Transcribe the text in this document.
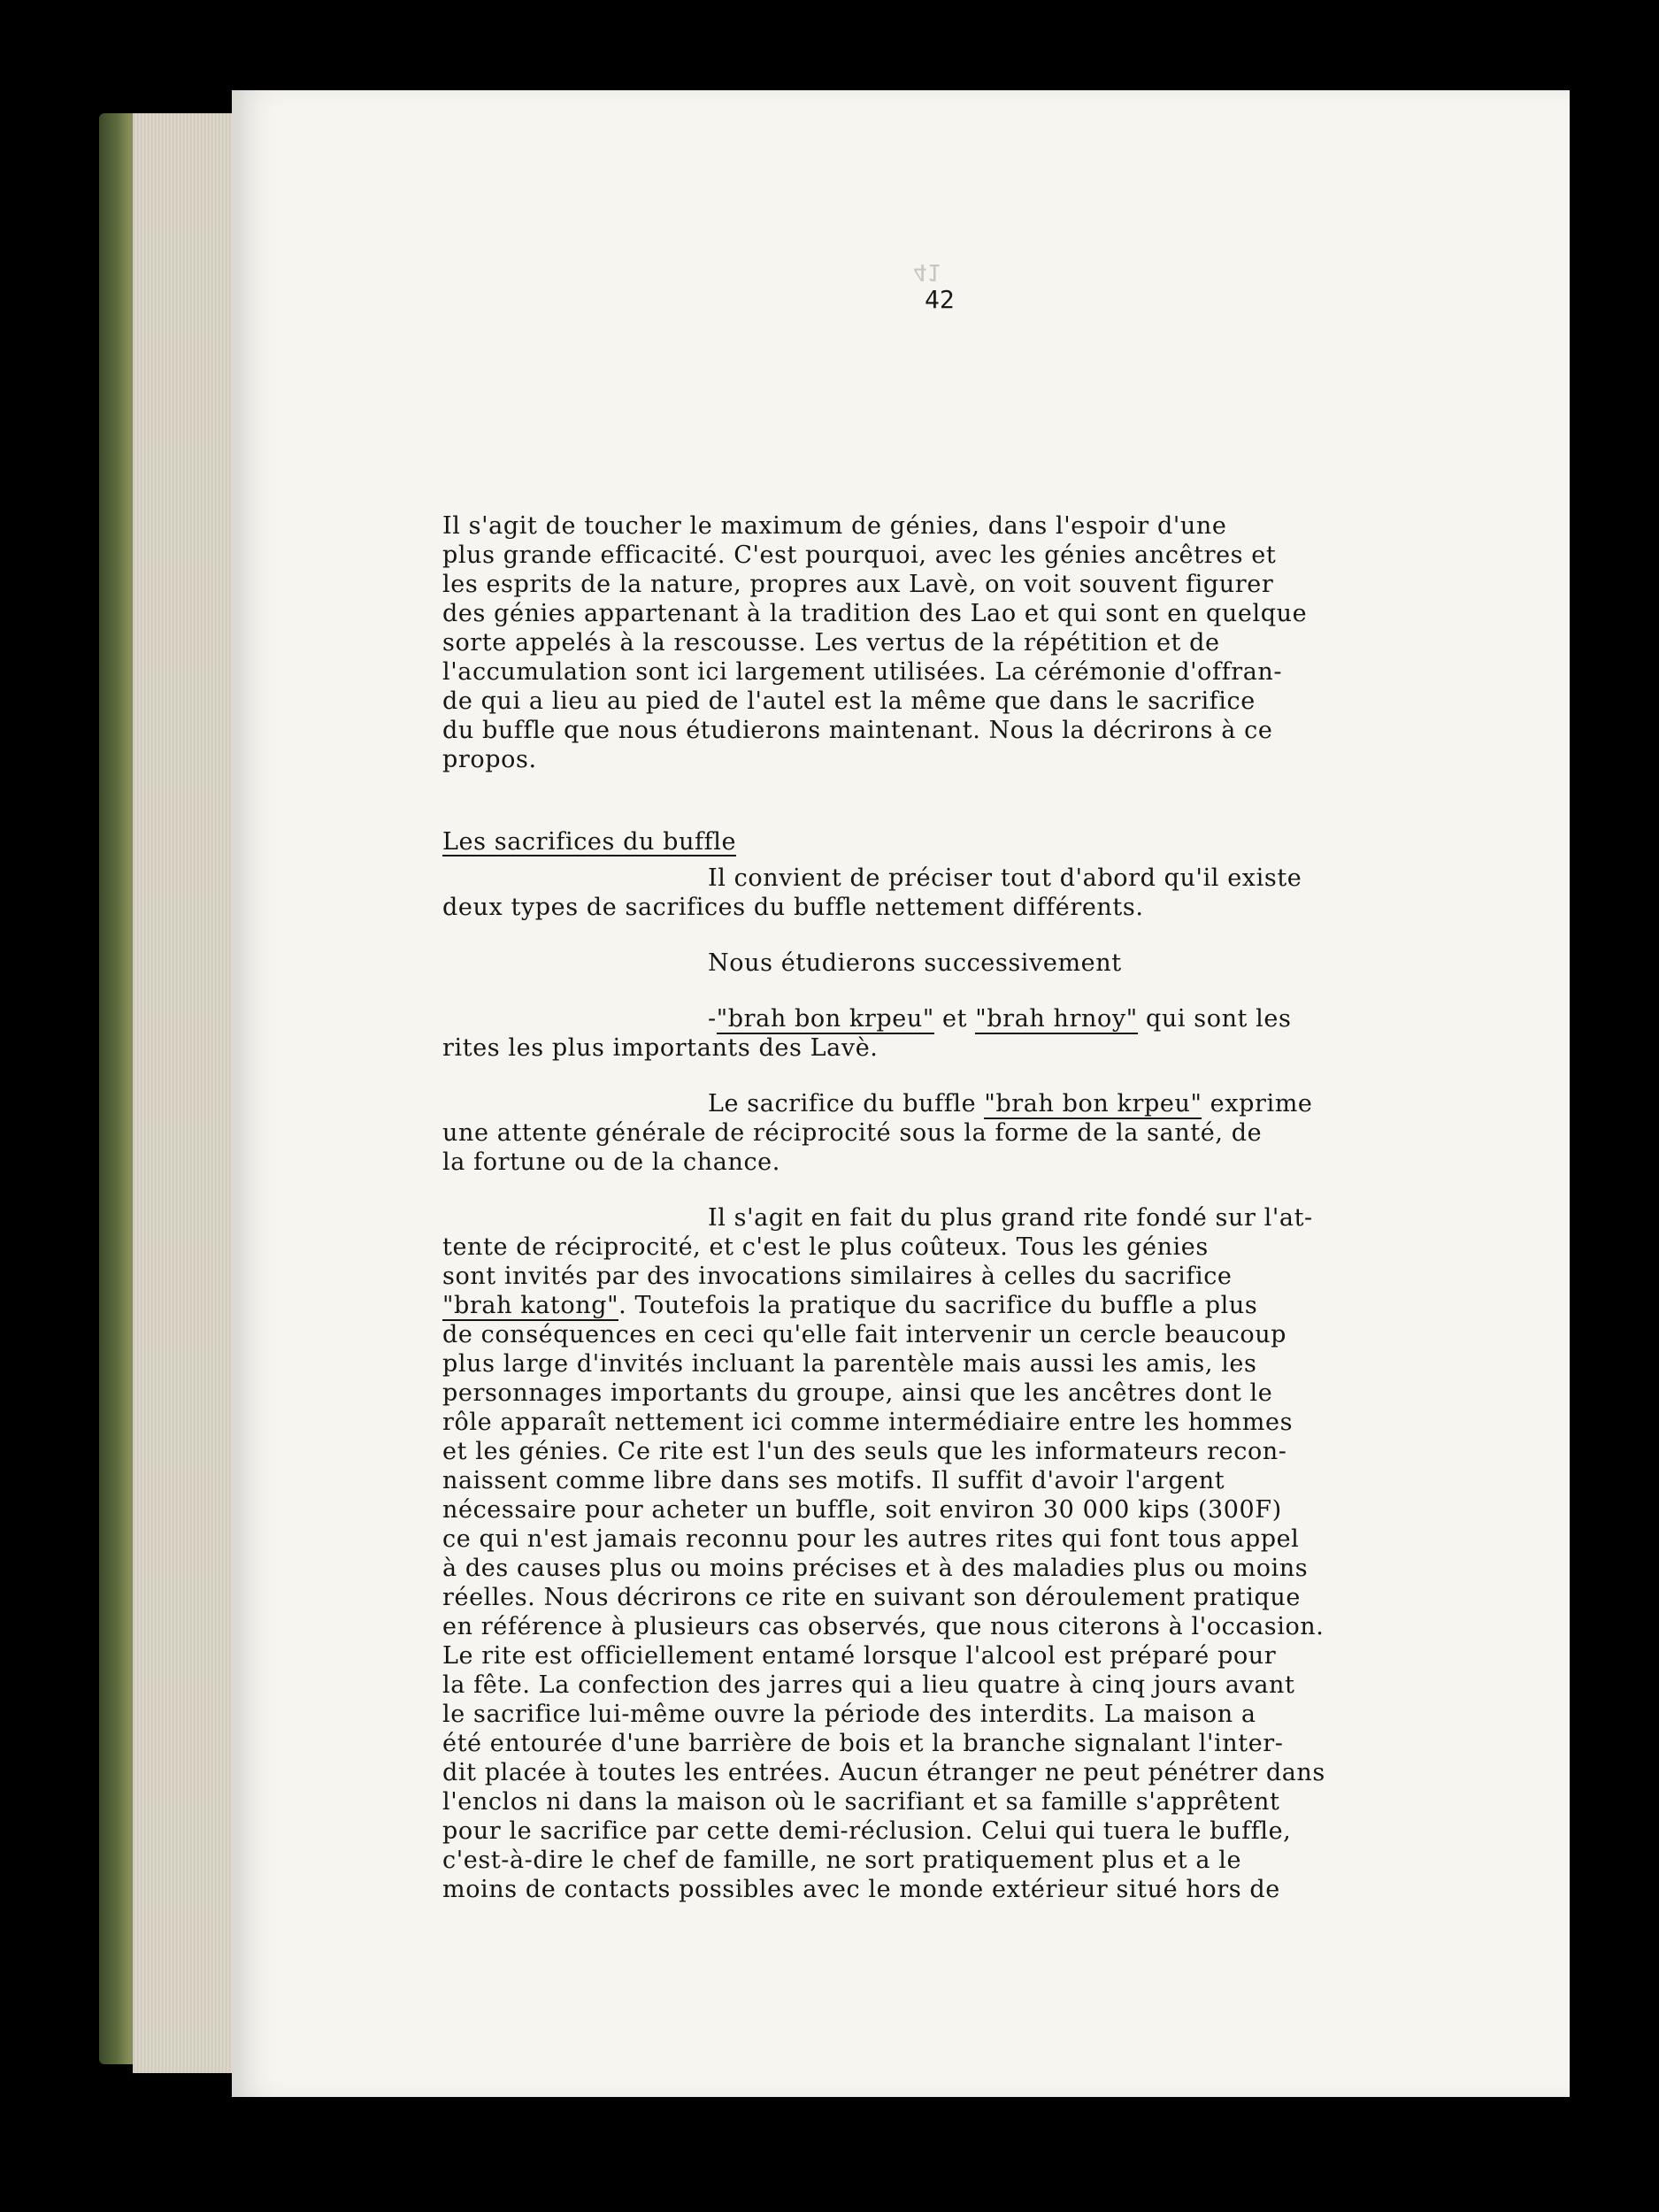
41
42
Il s'agit de toucher le maximum de génies, dans l'espoir d'une
plus grande efficacité. C'est pourquoi, avec les génies ancêtres et
les esprits de la nature, propres aux Lavè, on voit souvent figurer
des génies appartenant à la tradition des Lao et qui sont en quelque
sorte appelés à la rescousse. Les vertus de la répétition et de
l'accumulation sont ici largement utilisées. La cérémonie d'offran-
de qui a lieu au pied de l'autel est la même que dans le sacrifice
du buffle que nous étudierons maintenant. Nous la décrirons à ce
propos.
Les sacrifices du buffle
Il convient de préciser tout d'abord qu'il existe
deux types de sacrifices du buffle nettement différents.
Nous étudierons successivement
-"brah bon krpeu" et "brah hrnoy" qui sont les
rites les plus importants des Lavè.
Le sacrifice du buffle "brah bon krpeu" exprime
une attente générale de réciprocité sous la forme de la santé, de
la fortune ou de la chance.
Il s'agit en fait du plus grand rite fondé sur l'at-
tente de réciprocité, et c'est le plus coûteux. Tous les génies
sont invités par des invocations similaires à celles du sacrifice
"brah katong". Toutefois la pratique du sacrifice du buffle a plus
de conséquences en ceci qu'elle fait intervenir un cercle beaucoup
plus large d'invités incluant la parentèle mais aussi les amis, les
personnages importants du groupe, ainsi que les ancêtres dont le
rôle apparaît nettement ici comme intermédiaire entre les hommes
et les génies. Ce rite est l'un des seuls que les informateurs recon-
naissent comme libre dans ses motifs. Il suffit d'avoir l'argent
nécessaire pour acheter un buffle, soit environ 30 000 kips (300F)
ce qui n'est jamais reconnu pour les autres rites qui font tous appel
à des causes plus ou moins précises et à des maladies plus ou moins
réelles. Nous décrirons ce rite en suivant son déroulement pratique
en référence à plusieurs cas observés, que nous citerons à l'occasion.
Le rite est officiellement entamé lorsque l'alcool est préparé pour
la fête. La confection des jarres qui a lieu quatre à cinq jours avant
le sacrifice lui-même ouvre la période des interdits. La maison a
été entourée d'une barrière de bois et la branche signalant l'inter-
dit placée à toutes les entrées. Aucun étranger ne peut pénétrer dans
l'enclos ni dans la maison où le sacrifiant et sa famille s'apprêtent
pour le sacrifice par cette demi-réclusion. Celui qui tuera le buffle,
c'est-à-dire le chef de famille, ne sort pratiquement plus et a le
moins de contacts possibles avec le monde extérieur situé hors de
